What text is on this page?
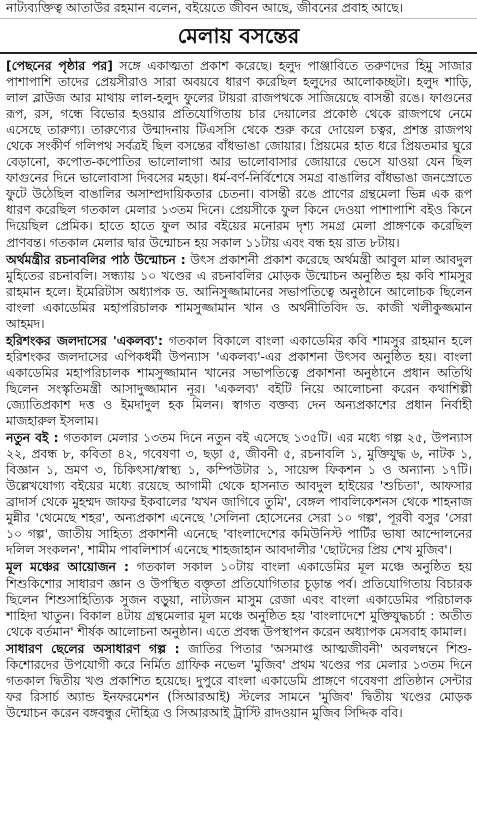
নাট্যব্যক্তিত্ব আতাউর রহমান বলেন, বইয়েতে জীবন আছে, জীবনের প্রবাহ আছে।
মেলায় বসন্তের

[পেছনের পৃষ্ঠার পর] সঙ্গে একাত্মতা প্রকাশ করেছে। হলুদ পাঞ্জাবিতে তরুণদের হিমু সাজার পাশাপাশি তাদের প্রেয়সীরাও সারা অবয়বে ধারণ করেছিল হলুদের আলোকচ্ছটা। হলুদ শাড়ি, লাল ব্লাউজ আর মাথায় লাল-হলুদ ফুলের টায়রা রাজপথকে সাজিয়েছে বাসন্তী রঙে। ফাগুনের রূপ, রস, গন্ধে বিভোর হওয়ার প্রতিযোগিতায় চার দেয়ালের প্রকোষ্ঠ থেকে রাজপথে নেমে এসেছে তারুণ্য। তারুণ্যের উন্মাদনায় টিএসসি থেকে শুরু করে দোয়েল চত্বর, প্রশস্ত রাজপথ থেকে সংকীর্ণ গলিপথ সর্বত্রই ছিল বসন্তের বাঁধভাঙা জোয়ার। প্রিয়মের হাত ধরে প্রিয়তমার ঘুরে বেড়ানো, কপোত-কপোতির ভালোলাগা আর ভালোবাসার জোয়ারে ভেসে যাওয়া যেন ছিল ফাগুনের দিনে ভালোবাসা দিবসের মহড়া। ধর্ম-বর্ণ-নির্বিশেষে সমগ্র বাঙালির বাঁধভাঙা জনস্রোতে ফুটে উঠেছিল বাঙালির অসাম্প্রদায়িকতার চেতনা। বাসন্তী রঙে প্রাণের গ্রন্থমেলা ভিন্ন এক রূপ ধারণ করেছিল গতকাল মেলার ১৩তম দিনে। প্রেয়সীকে ফুল কিনে দেওয়া পাশাপাশি বইও কিনে দিয়েছিল প্রেমিক। হাতে হাতে ফুল আর বইয়ের মনোরম দৃশ্য সমগ্র মেলা প্রাঙ্গণকে করেছিল প্রাণবন্ত। গতকাল মেলার দ্বার উন্মোচন হয় সকাল ১১টায় এবং বন্ধ হয় রাত ৮টায়।

অর্থমন্ত্রীর রচনাবলির পাঠ উন্মোচন : উৎস প্রকাশনী প্রকাশ করেছে অর্থমন্ত্রী আবুল মাল আবদুল মুহিতের রচনাবলি। সন্ধ্যায় ১০ খণ্ডের এ রচনাবলির মোড়ক উন্মোচন অনুষ্ঠিত হয় কবি শামসুর রাহমান হলে। ইমেরিটাস অধ্যাপক ড. আনিসুজ্জামানের সভাপতিত্বে অনুষ্ঠানে আলোচক ছিলেন বাংলা একাডেমির মহাপরিচালক শামসুজ্জামান খান ও অর্থনীতিবিদ ড. কাজী খলীকুজ্জমান আহমদ।

হরিশংকর জলদাসের 'একলব্য': গতকাল বিকালে বাংলা একাডেমির কবি শামসুর রাহমান হলে হরিশংকর জলদাসের এপিকধর্মী উপন্যাস 'একলব্য'-এর প্রকাশনা উৎসব অনুষ্ঠিত হয়। বাংলা একাডেমির মহাপরিচালক শামসুজ্জামান খানের সভাপতিত্বে প্রকাশনা অনুষ্ঠানে প্রধান অতিথি ছিলেন সংস্কৃতিমন্ত্রী আসাদুজ্জামান নূর। 'একলব্য' বইটি নিয়ে আলোচনা করেন কথাশিল্পী জ্যোতিপ্রকাশ দত্ত ও ইমদাদুল হক মিলন। স্বাগত বক্তব্য দেন অন্যপ্রকাশের প্রধান নির্বাহী মাজহারুল ইসলাম।

নতুন বই : গতকাল মেলার ১৩তম দিনে নতুন বই এসেছে ১৩৫টি। এর মধ্যে গল্প ২৫, উপন্যাস ২২, প্রবন্ধ ৮, কবিতা ৪২, গবেষণা ৩, ছড়া ৫, জীবনী ৫, রচনাবলি ১, মুক্তিযুদ্ধ ৬, নাটক ১, বিজ্ঞান ১, ভ্রমণ ৩, চিকিৎসা/স্বাস্থ্য ১, কম্পিউটার ১, সায়েন্স ফিকশন ১ ও অন্যান্য ১৭টি। উল্লেখযোগ্য বইয়ের মধ্যে রয়েছে আগামী থেকে হাসনাত আবদুল হাইয়ের 'শুচিতা', আফসার ব্রাদার্স থেকে মুহম্মদ জাফর ইকবালের 'যখন জাগিবে তুমি', বেঙ্গল পাবলিকেশনস থেকে শাহনাজ মুন্নীর 'থেমেছে শহর', অন্যপ্রকাশ এনেছে 'সেলিনা হোসেনের সেরা ১০ গল্প', পূরবী বসুর 'সেরা ১০ গল্প', জাতীয় সাহিত্য প্রকাশনী এনেছে 'বাংলাদেশের কমিউনিস্ট পার্টির ভাষা আন্দোলনের দলিল সংকলন', শামীম পাবলিশার্স এনেছে শাহজাহান আবদালীর 'ছোটদের প্রিয় শেখ মুজিব'।

মূল মঞ্চের আয়োজন : গতকাল সকাল ১০টায় বাংলা একাডেমির মূল মঞ্চে অনুষ্ঠিত হয় শিশুকিশোর সাধারণ জ্ঞান ও উপস্থিত বক্তৃতা প্রতিযোগিতার চূড়ান্ত পর্ব। প্রতিযোগিতায় বিচারক ছিলেন শিশুসাহিত্যিক সুজন বড়ুয়া, নাট্যজন মাসুম রেজা এবং বাংলা একাডেমির পরিচালক শাহিদা খাতুন। বিকাল ৪টায় গ্রন্থমেলার মূল মঞ্চে অনুষ্ঠিত হয় 'বাংলাদেশে মুক্তিযুদ্ধচর্চা : অতীত থেকে বর্তমান' শীর্ষক আলোচনা অনুষ্ঠান। এতে প্রবন্ধ উপস্থাপন করেন অধ্যাপক মেসবাহ কামাল।

সাধারণ ছেলের অসাধারণ গল্প : জাতির পিতার 'অসমাপ্ত আত্মজীবনী' অবলম্বনে শিশু-কিশোরদের উপযোগী করে নির্মিত গ্রাফিক নভেল 'মুজিব' প্রথম খণ্ডের পর মেলার ১৩তম দিনে গতকাল দ্বিতীয় খণ্ড প্রকাশিত হয়েছে। দুপুরে বাংলা একাডেমি প্রাঙ্গণে গবেষণা প্রতিষ্ঠান সেন্টার ফর রিসার্চ অ্যান্ড ইনফরমেশন (সিআরআই) স্টলের সামনে 'মুজিব' দ্বিতীয় খণ্ডের মোড়ক উন্মোচন করেন বঙ্গবন্ধুর দৌহিত্র ও সিআরআই ট্রাস্টি রাদওয়ান মুজিব সিদ্দিক ববি।
